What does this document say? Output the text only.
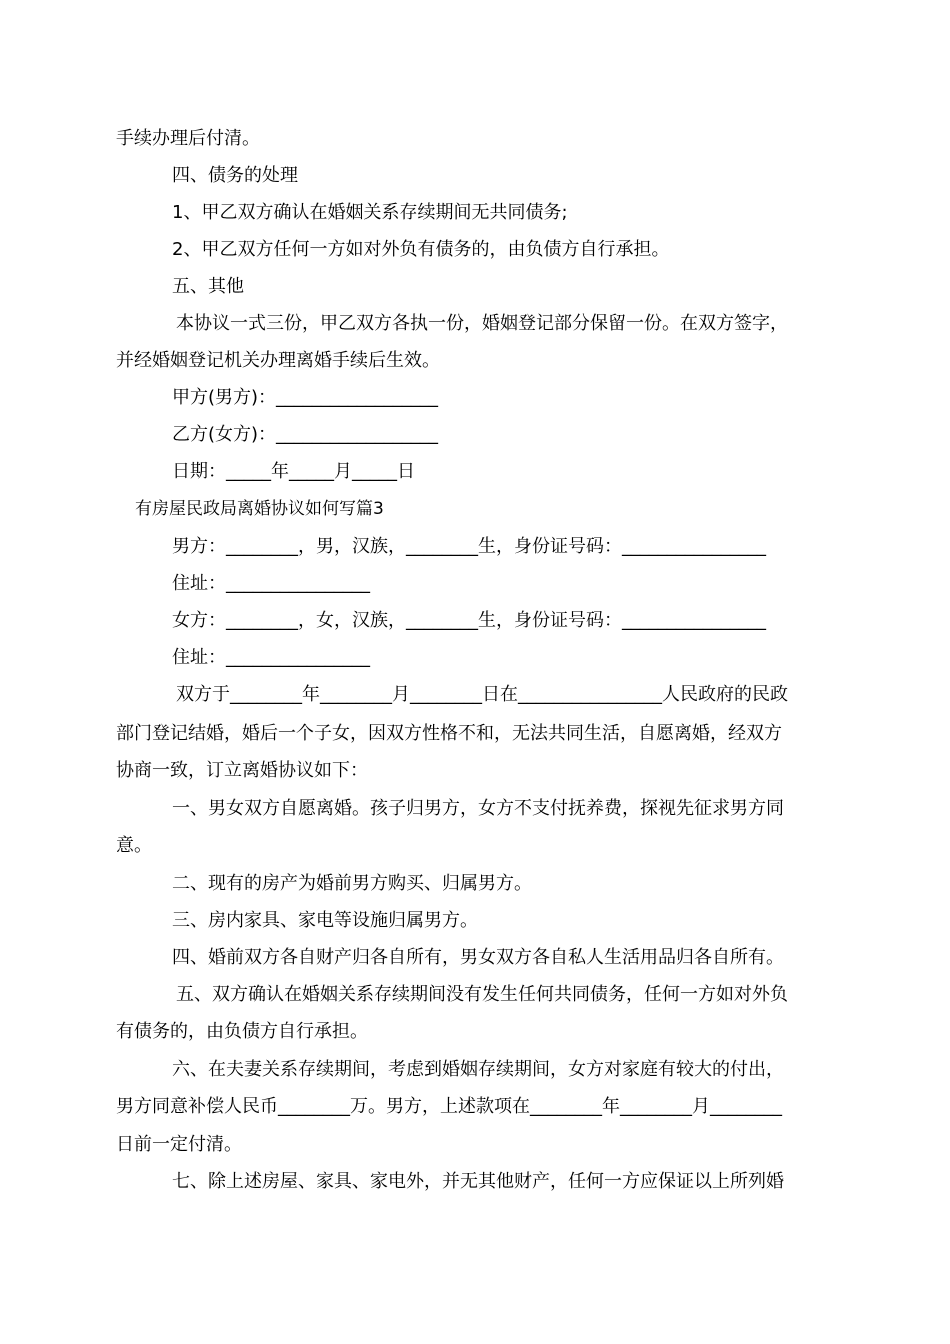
手续办理后付清。
四、债务的处理
1、甲乙双方确认在婚姻关系存续期间无共同债务;
2、甲乙双方任何一方如对外负有债务的，由负债方自行承担。
五、其他
本协议一式三份，甲乙双方各执一份，婚姻登记部分保留一份。在双方签字，
并经婚姻登记机关办理离婚手续后生效。
甲方(男方)：__________________
乙方(女方)：__________________
日期：_____年_____月_____日
有房屋民政局离婚协议如何写篇3
男方：________，男，汉族，________生，身份证号码：________________
住址：________________
女方：________，女，汉族，________生，身份证号码：________________
住址：________________
双方于________年________月________日在________________人民政府的民政
部门登记结婚，婚后一个子女，因双方性格不和，无法共同生活，自愿离婚，经双方
协商一致，订立离婚协议如下：
一、男女双方自愿离婚。孩子归男方，女方不支付抚养费，探视先征求男方同
意。
二、现有的房产为婚前男方购买、归属男方。
三、房内家具、家电等设施归属男方。
四、婚前双方各自财产归各自所有，男女双方各自私人生活用品归各自所有。
五、双方确认在婚姻关系存续期间没有发生任何共同债务，任何一方如对外负
有债务的，由负债方自行承担。
六、在夫妻关系存续期间，考虑到婚姻存续期间，女方对家庭有较大的付出，
男方同意补偿人民币________万。男方，上述款项在________年________月________
日前一定付清。
七、除上述房屋、家具、家电外，并无其他财产，任何一方应保证以上所列婚
